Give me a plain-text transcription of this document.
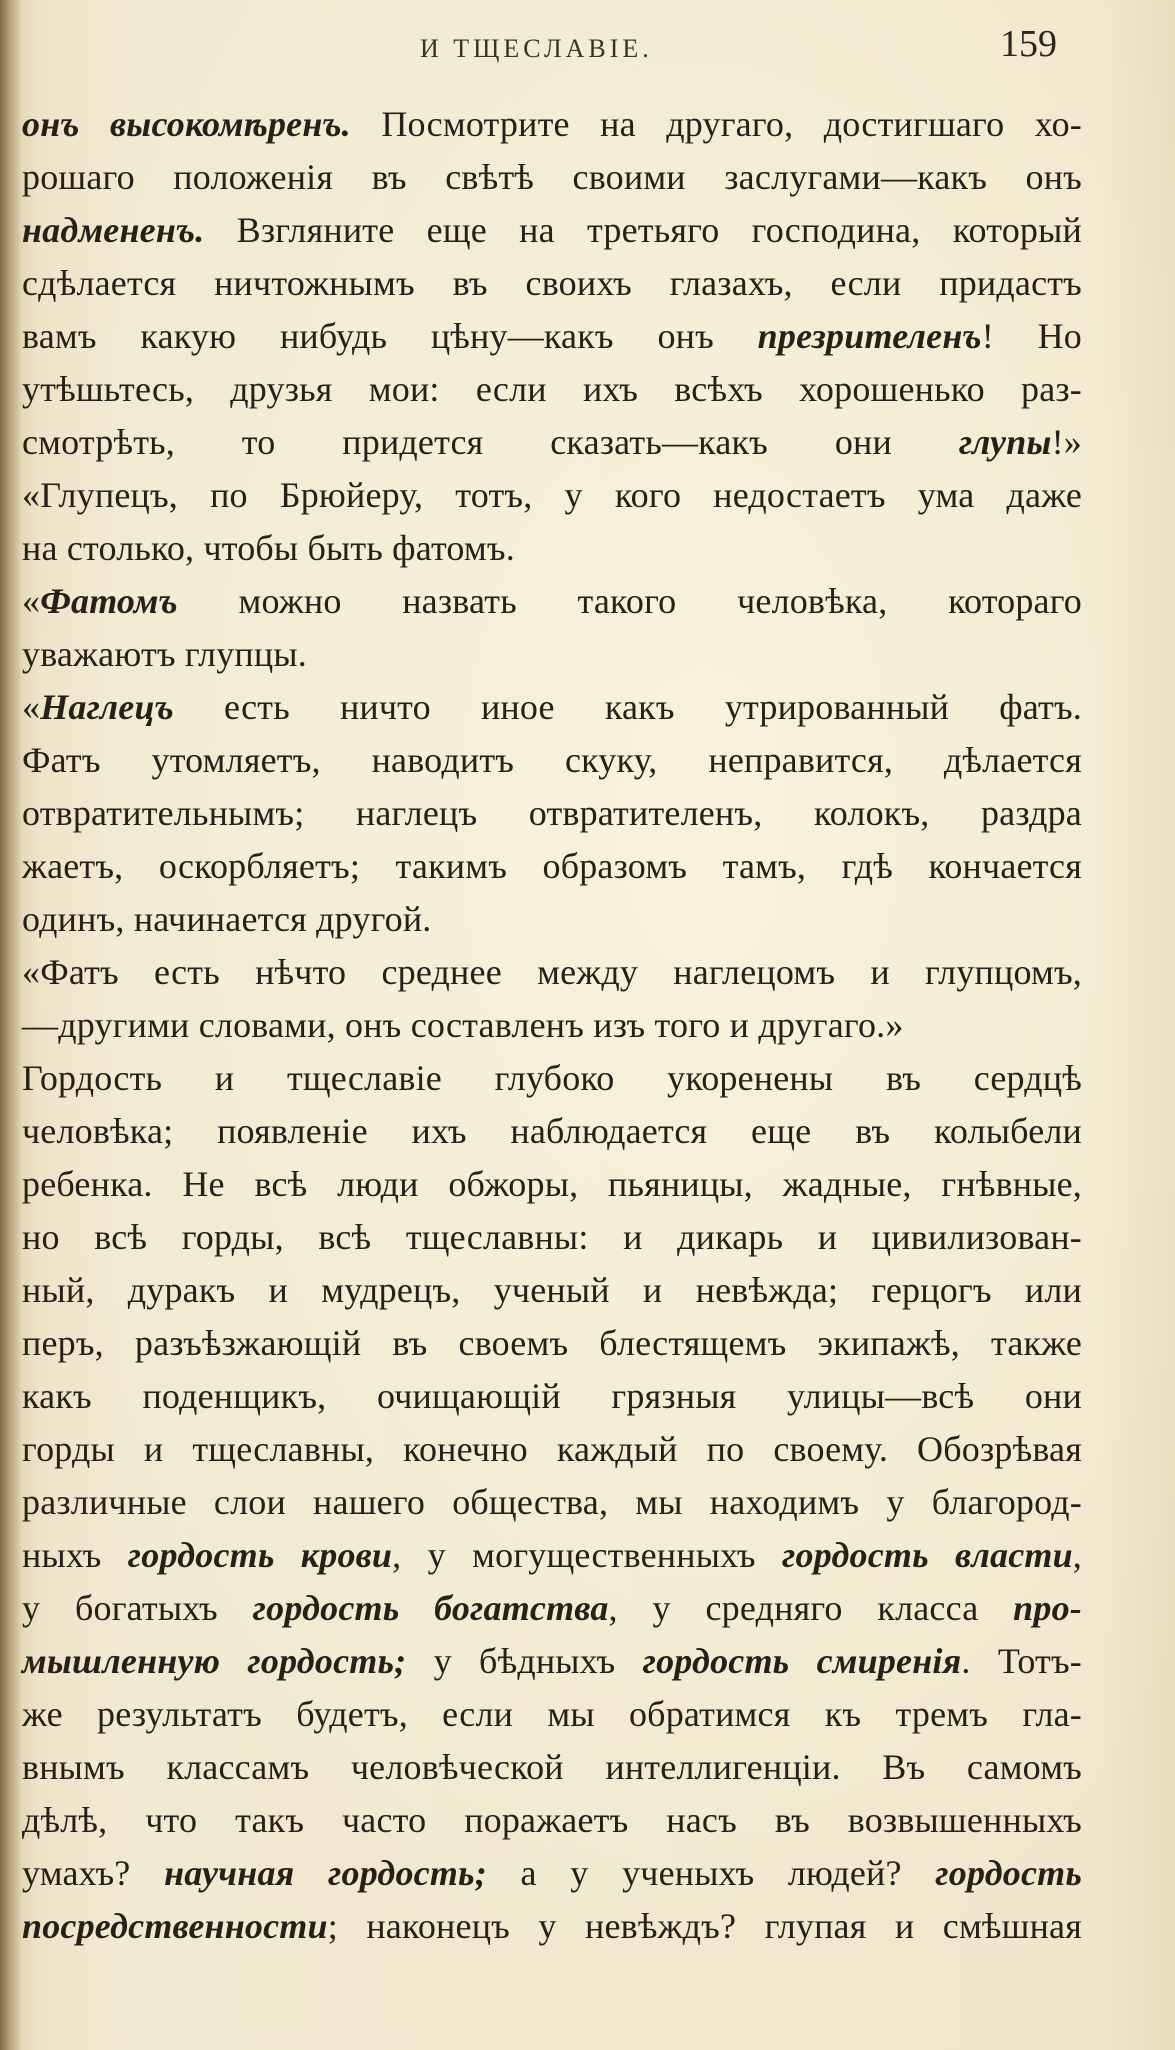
И ТЩЕСЛАВІЕ.	159
онъ высокомѣренъ. Посмотрите на другаго, достигшаго хо-
рошаго положенія въ свѣтѣ своими заслугами—какъ онъ
надмененъ. Взгляните еще на третьяго господина, который
сдѣлается ничтожнымъ въ своихъ глазахъ, если придастъ
вамъ какую нибудь цѣну—какъ онъ презрителенъ! Но
утѣшьтесь, друзья мои: если ихъ всѣхъ хорошенько раз-
смотрѣть, то придется сказать—какъ они глупы!»
«Глупецъ, по Брюйеру, тотъ, у кого недостаетъ ума даже
на столько, чтобы быть фатомъ.
«Фатомъ можно назвать такого человѣка, котораго
уважаютъ глупцы.
«Наглецъ есть ничто иное какъ утрированный фатъ.
Фатъ утомляетъ, наводитъ скуку, неправится, дѣлается
отвратительнымъ; наглецъ отвратителенъ, колокъ, раздра
жаетъ, оскорбляетъ; такимъ образомъ тамъ, гдѣ кончается
одинъ, начинается другой.
«Фатъ есть нѣчто среднее между наглецомъ и глупцомъ,
—другими словами, онъ составленъ изъ того и другаго.»
Гордость и тщеславіе глубоко укоренены въ сердцѣ
человѣка; появленіе ихъ наблюдается еще въ колыбели
ребенка. Не всѣ люди обжоры, пьяницы, жадные, гнѣвные,
но всѣ горды, всѣ тщеславны: и дикарь и цивилизован-
ный, дуракъ и мудрецъ, ученый и невѣжда; герцогъ или
перъ, разъѣзжающій въ своемъ блестящемъ экипажѣ, также
какъ поденщикъ, очищающій грязныя улицы—всѣ они
горды и тщеславны, конечно каждый по своему. Обозрѣвая
различные слои нашего общества, мы находимъ у благород-
ныхъ гордость крови, у могущественныхъ гордость власти,
у богатыхъ гордость богатства, у средняго класса про-
мышленную гордость; у бѣдныхъ гордость смиренія. Тотъ-
же результатъ будетъ, если мы обратимся къ тремъ гла-
внымъ классамъ человѣческой интеллигенціи. Въ самомъ
дѣлѣ, что такъ часто поражаетъ насъ въ возвышенныхъ
умахъ? научная гордость; а у ученыхъ людей? гордость
посредственности; наконецъ у невѣждъ? глупая и смѣшная
